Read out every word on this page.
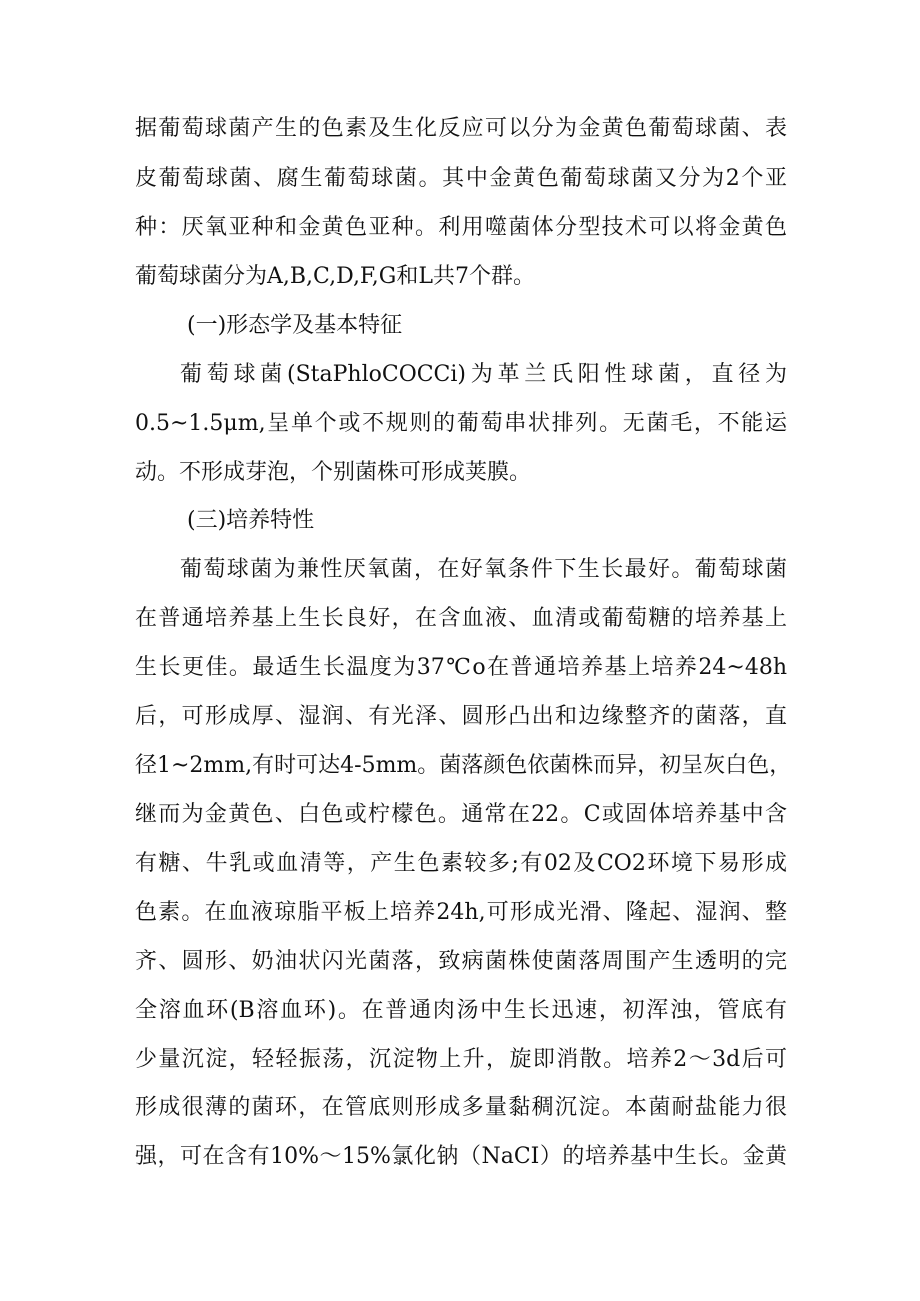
据葡萄球菌产生的色素及生化反应可以分为金黄色葡萄球菌、表
皮葡萄球菌、腐生葡萄球菌。其中金黄色葡萄球菌又分为2个亚
种：厌氧亚种和金黄色亚种。利用噬菌体分型技术可以将金黄色
葡萄球菌分为A,B,C,D,F,G和L共7个群。
(一)形态学及基本特征
葡萄球菌(StaPhloCOCCi)为革兰氏阳性球菌，直径为
0.5~1.5μm,呈单个或不规则的葡萄串状排列。无菌毛，不能运
动。不形成芽泡，个别菌株可形成荚膜。
(三)培养特性
葡萄球菌为兼性厌氧菌，在好氧条件下生长最好。葡萄球菌
在普通培养基上生长良好，在含血液、血清或葡萄糖的培养基上
生长更佳。最适生长温度为37℃o在普通培养基上培养24~48h
后，可形成厚、湿润、有光泽、圆形凸出和边缘整齐的菌落，直
径1~2mm,有时可达4-5mm。菌落颜色依菌株而异，初呈灰白色，
继而为金黄色、白色或柠檬色。通常在22。C或固体培养基中含
有糖、牛乳或血清等，产生色素较多;有02及CO2环境下易形成
色素。在血液琼脂平板上培养24h,可形成光滑、隆起、湿润、整
齐、圆形、奶油状闪光菌落，致病菌株使菌落周围产生透明的完
全溶血环(B溶血环)。在普通肉汤中生长迅速，初浑浊，管底有
少量沉淀，轻轻振荡，沉淀物上升，旋即消散。培养2～3d后可
形成很薄的菌环，在管底则形成多量黏稠沉淀。本菌耐盐能力很
强，可在含有10%～15%氯化钠（NaCI）的培养基中生长。金黄
